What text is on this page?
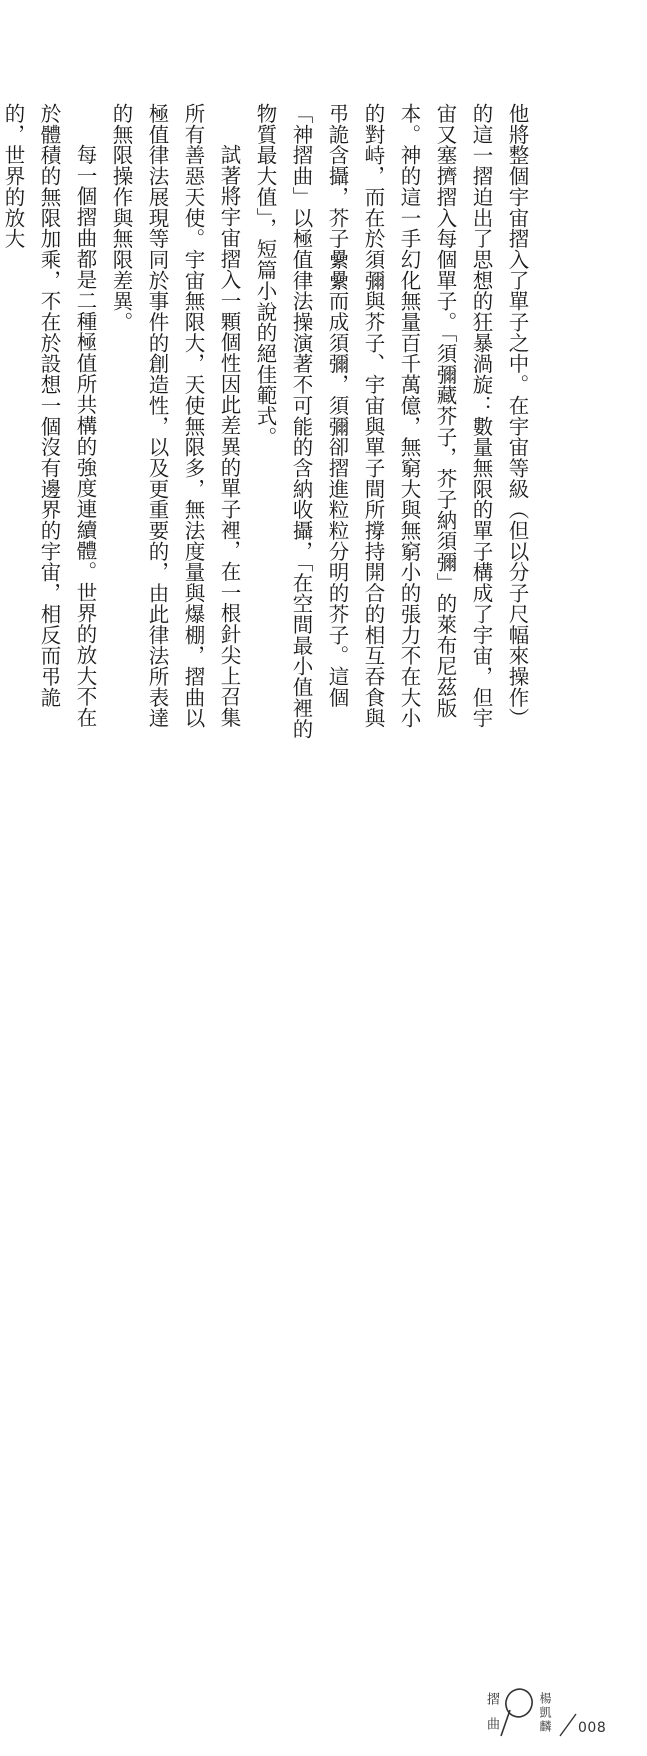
他將整個宇宙摺入了單子之中。在宇宙等級（但以分子尺幅來操作）的這一摺迫出了思想的狂暴渦旋：數量無限的單子構成了宇宙，但宇宙又塞擠摺入每個單子。「須彌藏芥子，芥子納須彌」的萊布尼茲版本。神的這一手幻化無量百千萬億，無窮大與無窮小的張力不在大小的對峙，而在於須彌與芥子、宇宙與單子間所撐持開合的相互吞食與弔詭含攝，芥子纍纍而成須彌，須彌卻摺進粒粒分明的芥子。這個「神摺曲」以極值律法操演著不可能的含納收攝，「在空間最小值裡的物質最大值」，短篇小說的絕佳範式。

試著將宇宙摺入一顆個性因此差異的單子裡，在一根針尖上召集所有善惡天使。宇宙無限大，天使無限多，無法度量與爆棚，摺曲以極值律法展現等同於事件的創造性，以及更重要的，由此律法所表達的無限操作與無限差異。

每一個摺曲都是二種極值所共構的強度連續體。世界的放大不在於體積的無限加乘，不在於設想一個沒有邊界的宇宙，相反而弔詭的，世界的放大

摺曲	楊凱麟 008
